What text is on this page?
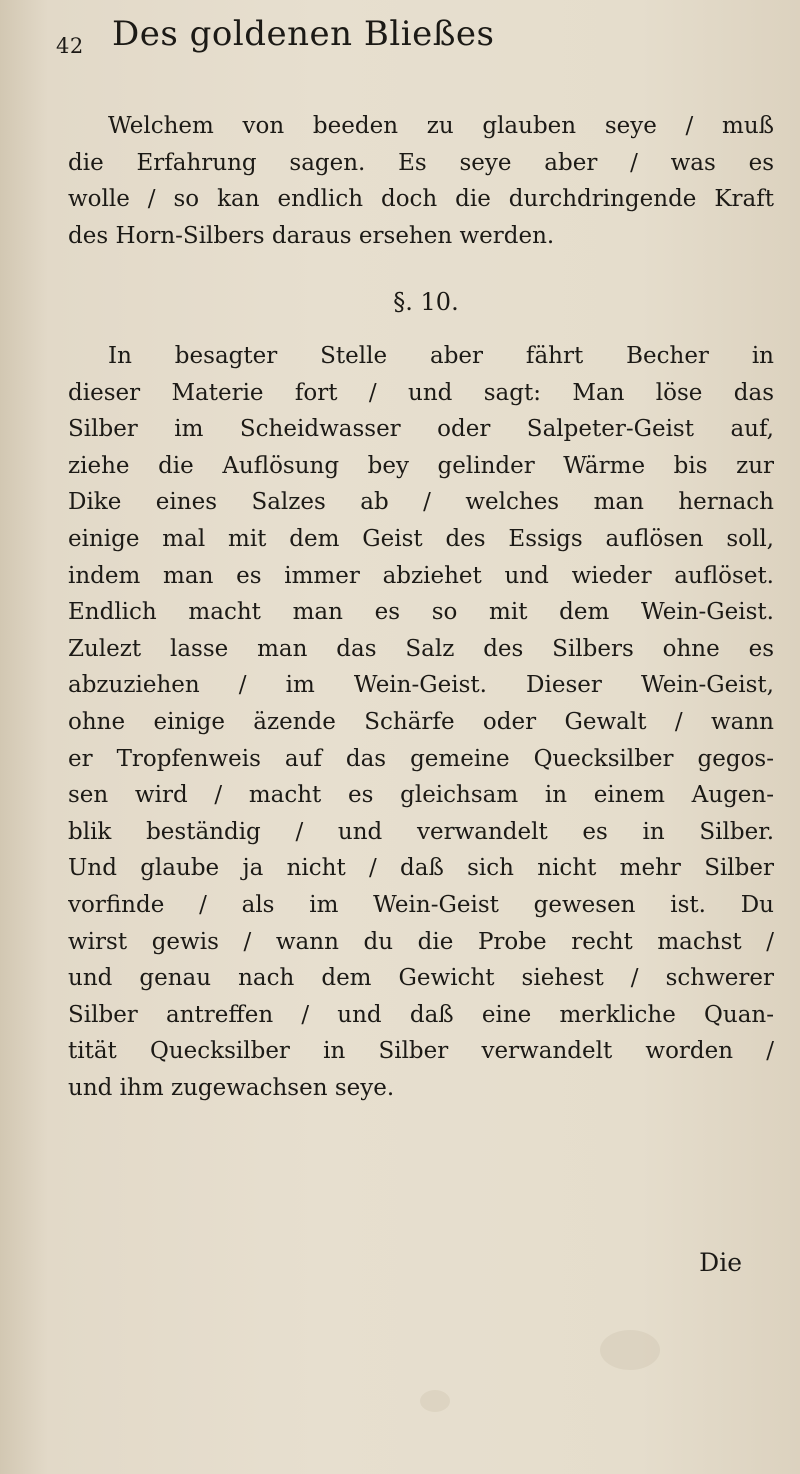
42 Des goldenen Bließes
Welchem von beeden zu glauben seye / muß
die Erfahrung sagen. Es seye aber / was es
wolle / so kan endlich doch die durchdringende Kraft
des Horn-Silbers daraus ersehen werden.
§. 10.
In besagter Stelle aber fährt Becher in
dieser Materie fort / und sagt: Man löse das
Silber im Scheidwasser oder Salpeter-Geist auf,
ziehe die Auflösung bey gelinder Wärme bis zur
Dike eines Salzes ab / welches man hernach
einige mal mit dem Geist des Essigs auflösen soll,
indem man es immer abziehet und wieder auflöset.
Endlich macht man es so mit dem Wein-Geist.
Zulezt lasse man das Salz des Silbers ohne es
abzuziehen / im Wein-Geist. Dieser Wein-Geist,
ohne einige äzende Schärfe oder Gewalt / wann
er Tropfenweis auf das gemeine Quecksilber gegos-
sen wird / macht es gleichsam in einem Augen-
blik beständig / und verwandelt es in Silber.
Und glaube ja nicht / daß sich nicht mehr Silber
vorfinde / als im Wein-Geist gewesen ist. Du
wirst gewis / wann du die Probe recht machst /
und genau nach dem Gewicht siehest / schwerer
Silber antreffen / und daß eine merkliche Quan-
tität Quecksilber in Silber verwandelt worden /
und ihm zugewachsen seye.
Die
